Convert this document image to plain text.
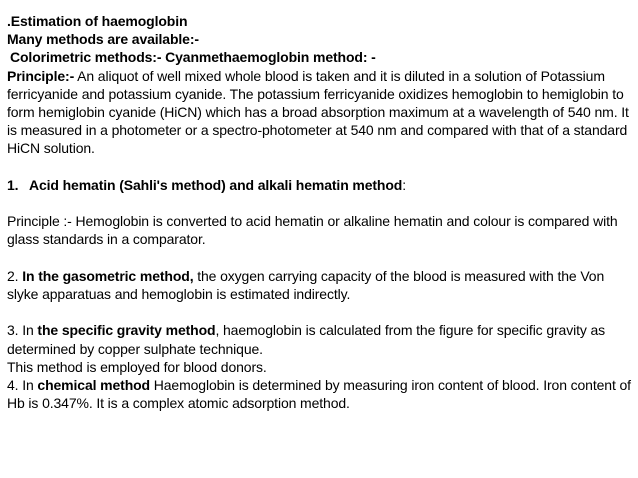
.Estimation of haemoglobin
Many methods are available:-
Colorimetric methods:- Cyanmethaemoglobin method: -
Principle:- An aliquot of well mixed whole blood is taken and it is diluted in a solution of Potassium ferricyanide and potassium cyanide. The potassium ferricyanide oxidizes hemoglobin to hemiglobin to form hemiglobin cyanide (HiCN) which has a broad absorption maximum at a wavelength of 540 nm. It is measured in a photometer or a spectro-photometer at 540 nm and compared with that of a standard HiCN solution.
1. Acid hematin (Sahli's method) and alkali hematin method:
Principle :- Hemoglobin is converted to acid hematin or alkaline hematin and colour is compared with glass standards in a comparator.
2. In the gasometric method, the oxygen carrying capacity of the blood is measured with the Von slyke apparatuas and hemoglobin is estimated indirectly.
3. In the specific gravity method, haemoglobin is calculated from the figure for specific gravity as determined by copper sulphate technique.
This method is employed for blood donors.
4. In chemical method Haemoglobin is determined by measuring iron content of blood. Iron content of Hb is 0.347%. It is a complex atomic adsorption method.
